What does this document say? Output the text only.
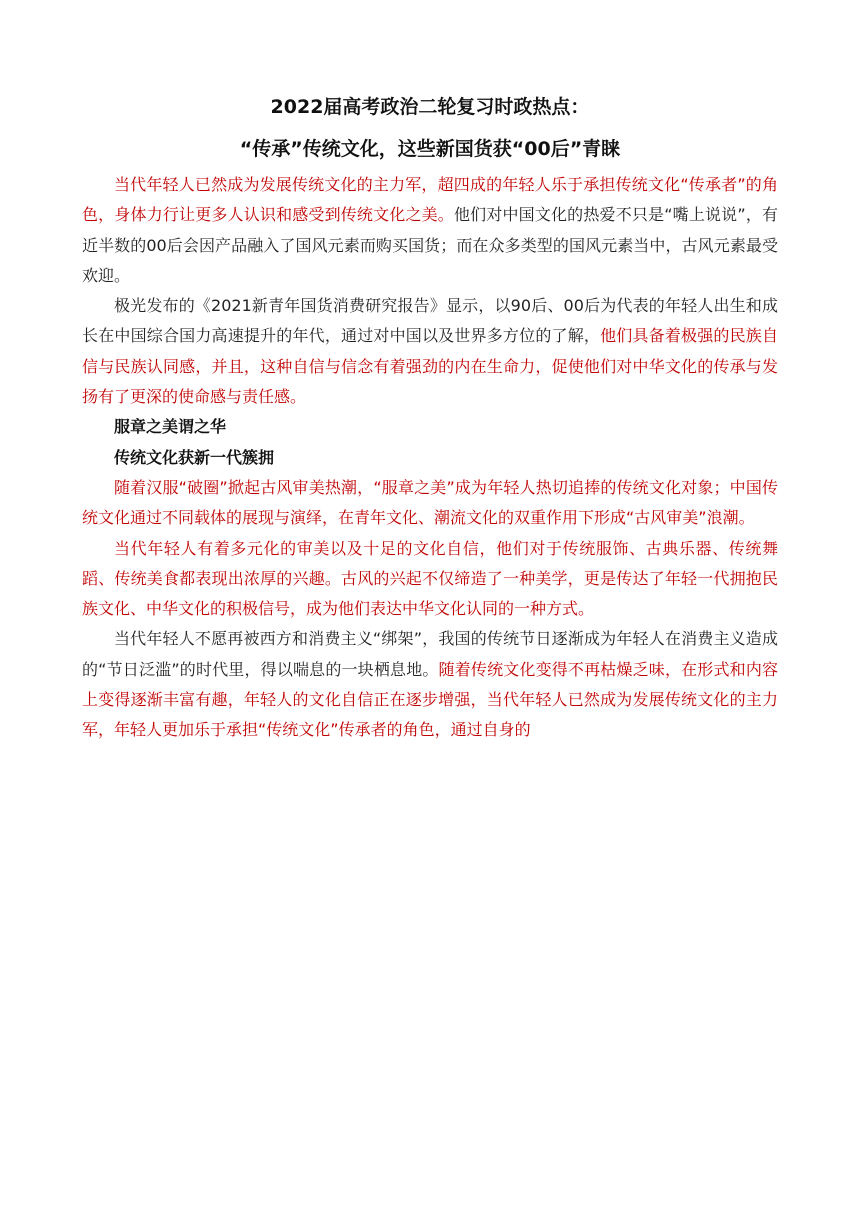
2022届高考政治二轮复习时政热点：
“传承”传统文化，这些新国货获“00后”青睐

当代年轻人已然成为发展传统文化的主力军，超四成的年轻人乐于承担传统文化“传承者”的角色，身体力行让更多人认识和感受到传统文化之美。他们对中国文化的热爱不只是“嘴上说说”，有近半数的00后会因产品融入了国风元素而购买国货；而在众多类型的国风元素当中，古风元素最受欢迎。

极光发布的《2021新青年国货消费研究报告》显示，以90后、00后为代表的年轻人出生和成长在中国综合国力高速提升的年代，通过对中国以及世界多方位的了解，他们具备着极强的民族自信与民族认同感，并且，这种自信与信念有着强劲的内在生命力，促使他们对中华文化的传承与发扬有了更深的使命感与责任感。

服章之美谓之华

传统文化获新一代簇拥

随着汉服“破圈”掀起古风审美热潮，“服章之美”成为年轻人热切追捧的传统文化对象；中国传统文化通过不同载体的展现与演绎，在青年文化、潮流文化的双重作用下形成“古风审美”浪潮。

当代年轻人有着多元化的审美以及十足的文化自信，他们对于传统服饰、古典乐器、传统舞蹈、传统美食都表现出浓厚的兴趣。古风的兴起不仅缔造了一种美学，更是传达了年轻一代拥抱民族文化、中华文化的积极信号，成为他们表达中华文化认同的一种方式。

当代年轻人不愿再被西方和消费主义“绑架”，我国的传统节日逐渐成为年轻人在消费主义造成的“节日泛滥”的时代里，得以喘息的一块栖息地。随着传统文化变得不再枯燥乏味，在形式和内容上变得逐渐丰富有趣，年轻人的文化自信正在逐步增强，当代年轻人已然成为发展传统文化的主力军，年轻人更加乐于承担“传统文化”传承者的角色，通过自身的
